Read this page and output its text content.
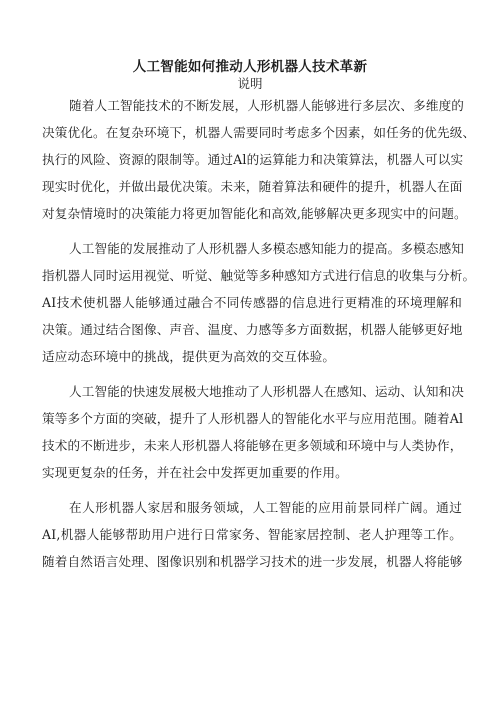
人工智能如何推动人形机器人技术革新
说明
随着人工智能技术的不断发展，人形机器人能够进行多层次、多维度的
决策优化。在复杂环境下，机器人需要同时考虑多个因素，如任务的优先级、
执行的风险、资源的限制等。通过Al的运算能力和决策算法，机器人可以实
现实时优化，并做出最优决策。未来，随着算法和硬件的提升，机器人在面
对复杂情境时的决策能力将更加智能化和高效,能够解决更多现实中的问题。
人工智能的发展推动了人形机器人多模态感知能力的提高。多模态感知
指机器人同时运用视觉、听觉、触觉等多种感知方式进行信息的收集与分析。
AI技术使机器人能够通过融合不同传感器的信息进行更精准的环境理解和
决策。通过结合图像、声音、温度、力感等多方面数据，机器人能够更好地
适应动态环境中的挑战，提供更为高效的交互体验。
人工智能的快速发展极大地推动了人形机器人在感知、运动、认知和决
策等多个方面的突破，提升了人形机器人的智能化水平与应用范围。随着Al
技术的不断进步，未来人形机器人将能够在更多领域和环境中与人类协作，
实现更复杂的任务，并在社会中发挥更加重要的作用。
在人形机器人家居和服务领域，人工智能的应用前景同样广阔。通过
AI,机器人能够帮助用户进行日常家务、智能家居控制、老人护理等工作。
随着自然语言处理、图像识别和机器学习技术的进一步发展，机器人将能够
